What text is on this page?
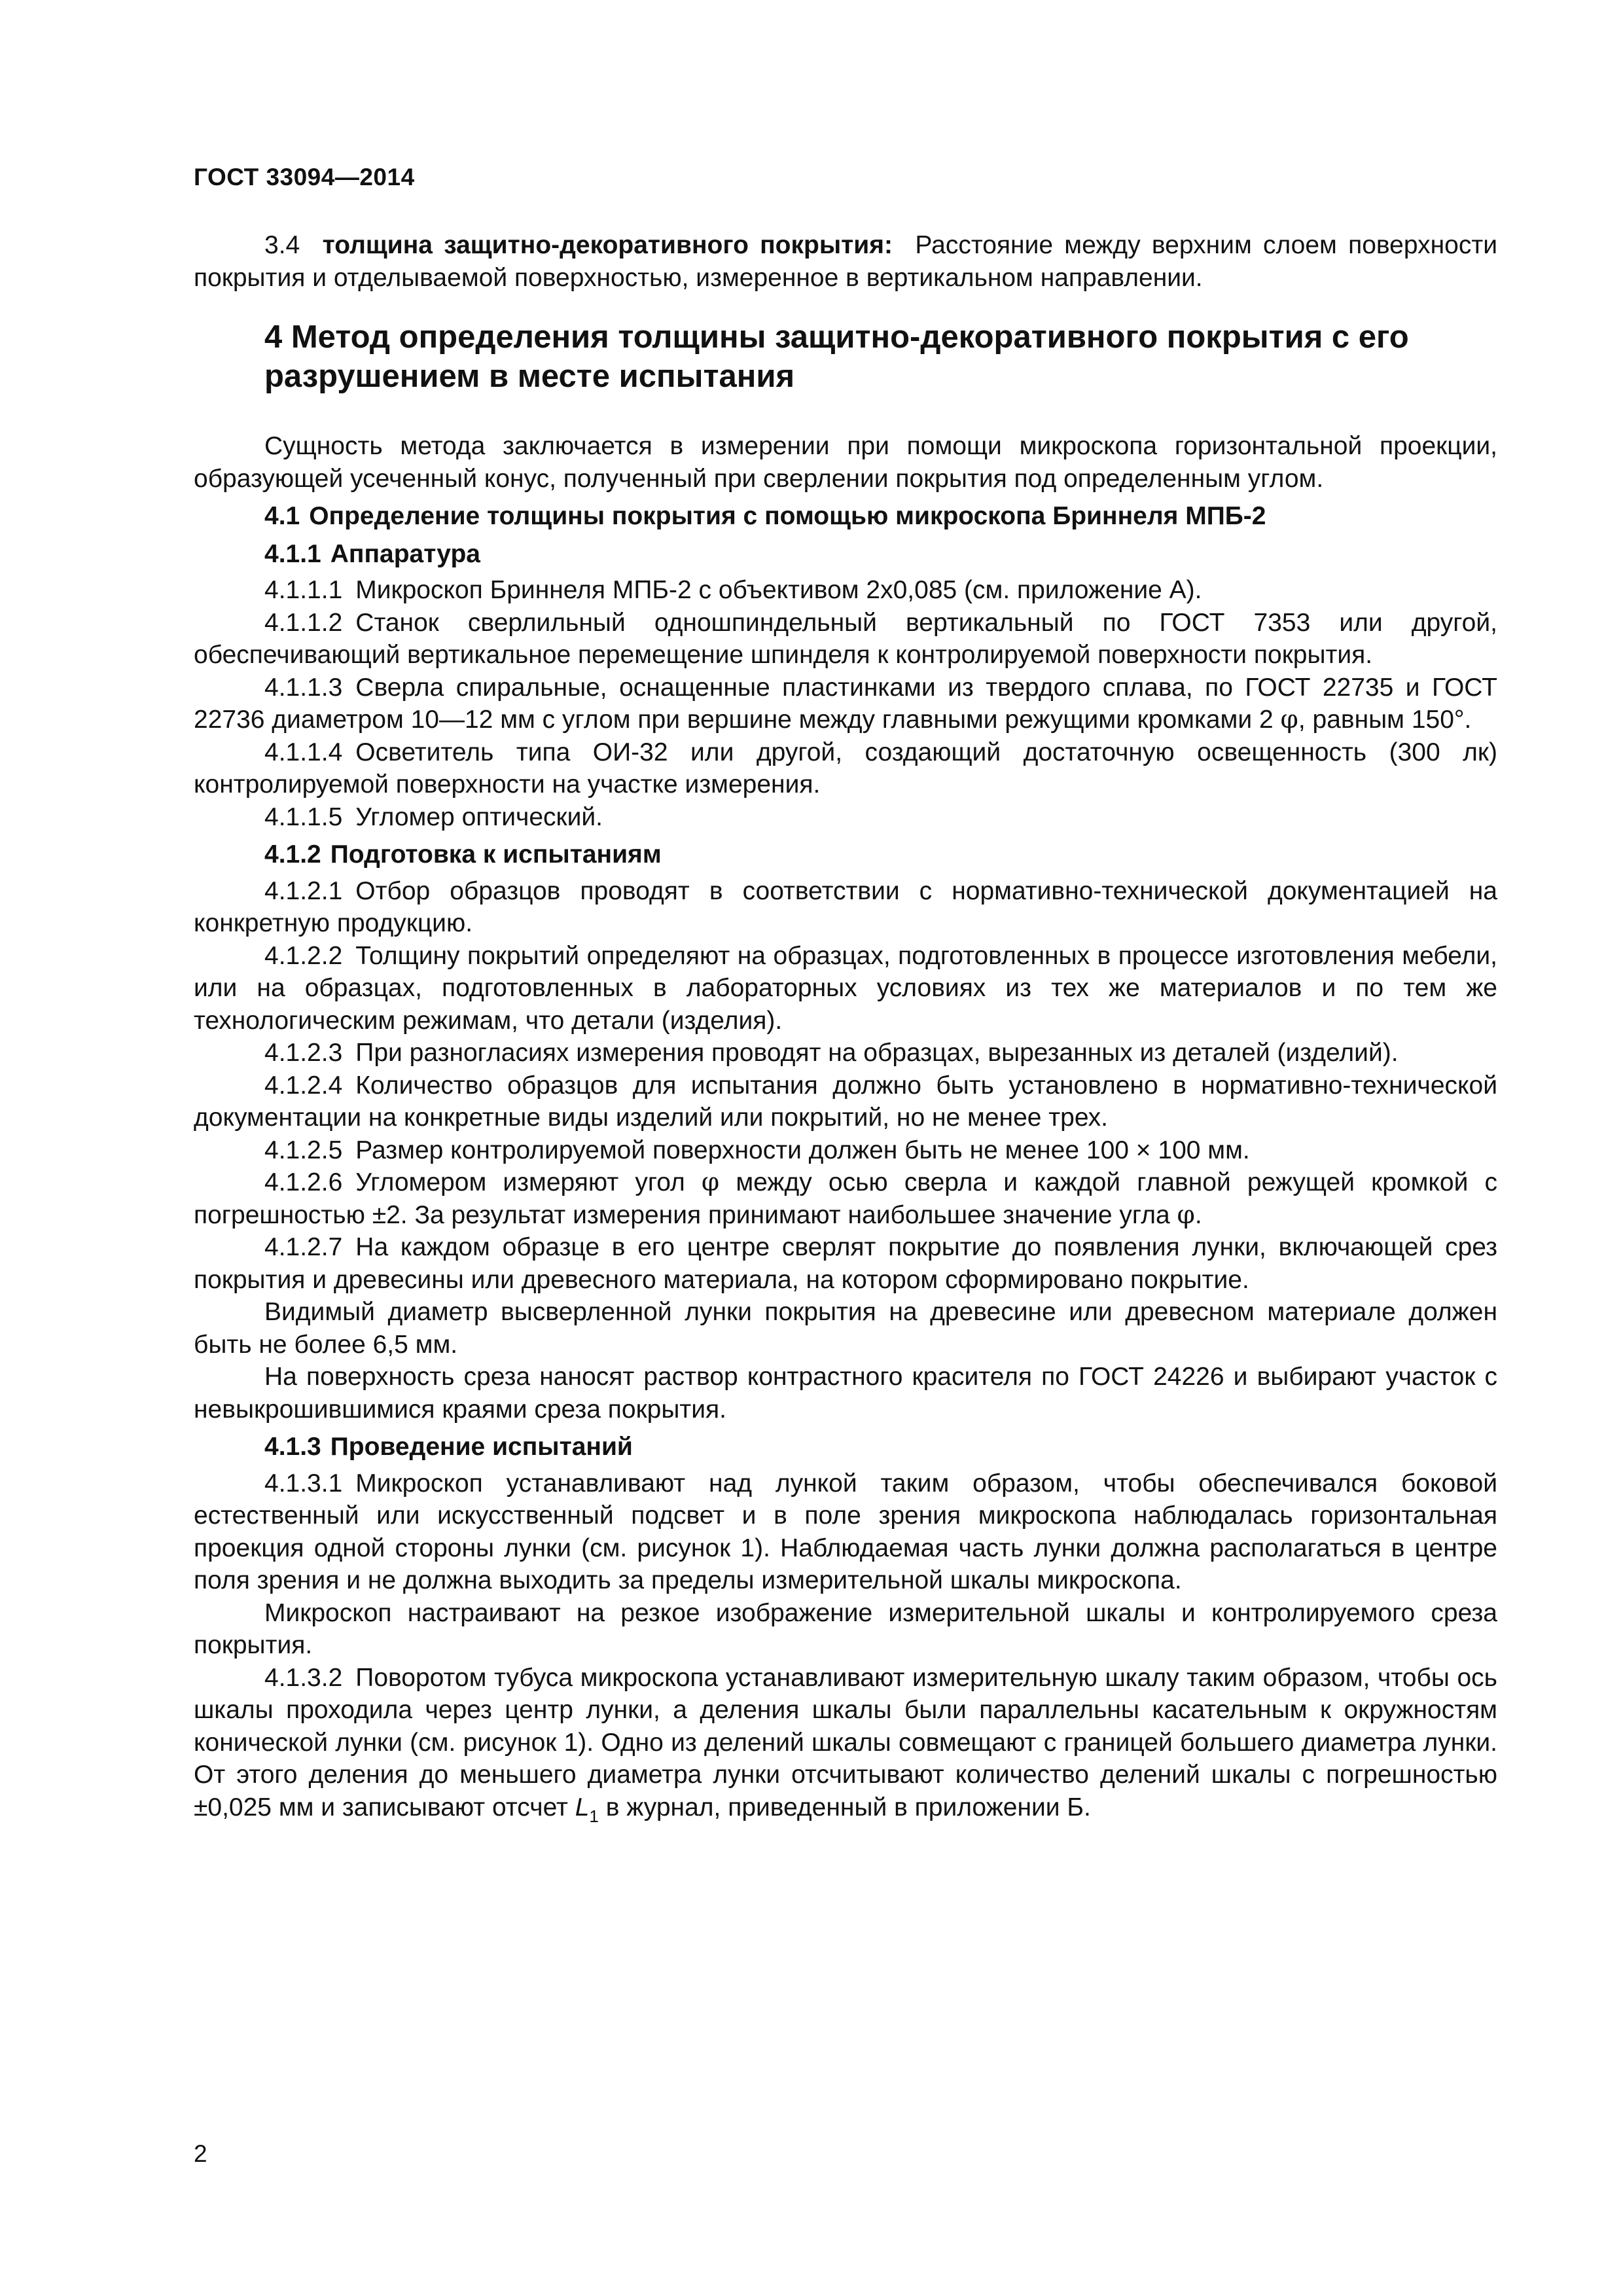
ГОСТ 33094—2014

3.4 толщина защитно-декоративного покрытия: Расстояние между верхним слоем поверхности покрытия и отделываемой поверхностью, измеренное в вертикальном направлении.

4 Метод определения толщины защитно-декоративного покрытия с его разрушением в месте испытания

Сущность метода заключается в измерении при помощи микроскопа горизонтальной проекции, образующей усеченный конус, полученный при сверлении покрытия под определенным углом.

4.1 Определение толщины покрытия с помощью микроскопа Бриннеля МПБ-2
4.1.1 Аппаратура

4.1.1.1 Микроскоп Бриннеля МПБ-2 с объективом 2х0,085 (см. приложение А).

4.1.1.2 Станок сверлильный одношпиндельный вертикальный по ГОСТ 7353 или другой, обеспечивающий вертикальное перемещение шпинделя к контролируемой поверхности покрытия.

4.1.1.3 Сверла спиральные, оснащенные пластинками из твердого сплава, по ГОСТ 22735 и ГОСТ 22736 диаметром 10—12 мм с углом при вершине между главными режущими кромками 2 φ, равным 150°.

4.1.1.4 Осветитель типа ОИ-32 или другой, создающий достаточную освещенность (300 лк) контролируемой поверхности на участке измерения.

4.1.1.5 Угломер оптический.

4.1.2 Подготовка к испытаниям

4.1.2.1 Отбор образцов проводят в соответствии с нормативно-технической документацией на конкретную продукцию.

4.1.2.2 Толщину покрытий определяют на образцах, подготовленных в процессе изготовления мебели, или на образцах, подготовленных в лабораторных условиях из тех же материалов и по тем же технологическим режимам, что детали (изделия).

4.1.2.3 При разногласиях измерения проводят на образцах, вырезанных из деталей (изделий).

4.1.2.4 Количество образцов для испытания должно быть установлено в нормативно-технической документации на конкретные виды изделий или покрытий, но не менее трех.

4.1.2.5 Размер контролируемой поверхности должен быть не менее 100 × 100 мм.

4.1.2.6 Угломером измеряют угол φ между осью сверла и каждой главной режущей кромкой с погрешностью ±2. За результат измерения принимают наибольшее значение угла φ.

4.1.2.7 На каждом образце в его центре сверлят покрытие до появления лунки, включающей срез покрытия и древесины или древесного материала, на котором сформировано покрытие.

Видимый диаметр высверленной лунки покрытия на древесине или древесном материале должен быть не более 6,5 мм.

На поверхность среза наносят раствор контрастного красителя по ГОСТ 24226 и выбирают участок с невыкрошившимися краями среза покрытия.

4.1.3 Проведение испытаний

4.1.3.1 Микроскоп устанавливают над лункой таким образом, чтобы обеспечивался боковой естественный или искусственный подсвет и в поле зрения микроскопа наблюдалась горизонтальная проекция одной стороны лунки (см. рисунок 1). Наблюдаемая часть лунки должна располагаться в центре поля зрения и не должна выходить за пределы измерительной шкалы микроскопа.

Микроскоп настраивают на резкое изображение измерительной шкалы и контролируемого среза покрытия.

4.1.3.2 Поворотом тубуса микроскопа устанавливают измерительную шкалу таким образом, чтобы ось шкалы проходила через центр лунки, а деления шкалы были параллельны касательным к окружностям конической лунки (см. рисунок 1). Одно из делений шкалы совмещают с границей большего диаметра лунки. От этого деления до меньшего диаметра лунки отсчитывают количество делений шкалы с погрешностью ±0,025 мм и записывают отсчет $L_1$ в журнал, приведенный в приложении Б.

2
